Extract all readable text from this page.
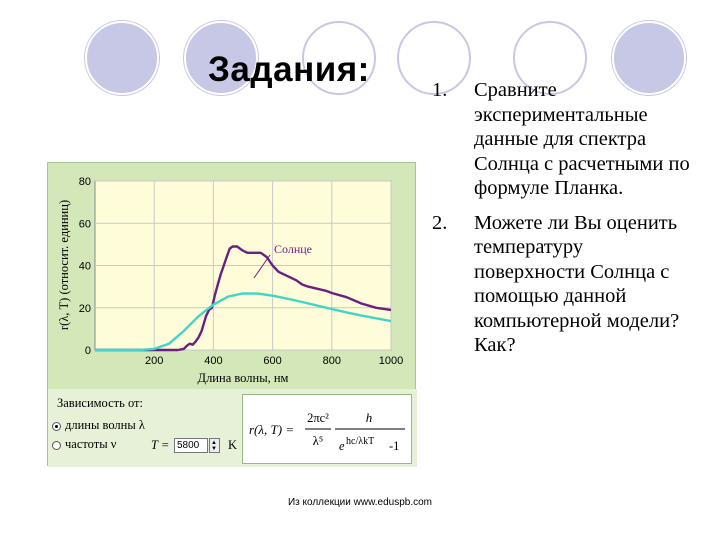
Задания:
1. Сравните экспериментальные данные для спектра Солнца с расчетными по формуле Планка.
2. Можете ли Вы оценить температуру поверхности Солнца с помощью данной компьютерной модели? Как?
200	400	600	800	1000
0
20
40
60
80
Солнце
Длина волны, нм
r(λ, T) (относит. единиц)
Зависимость от:
длины волны λ
частоты ν	T = 5800	▲
▼ K
r(λ, T) =
2πc²
λ⁵
h
e hc/λkT -1
Из коллекции www.eduspb.com
